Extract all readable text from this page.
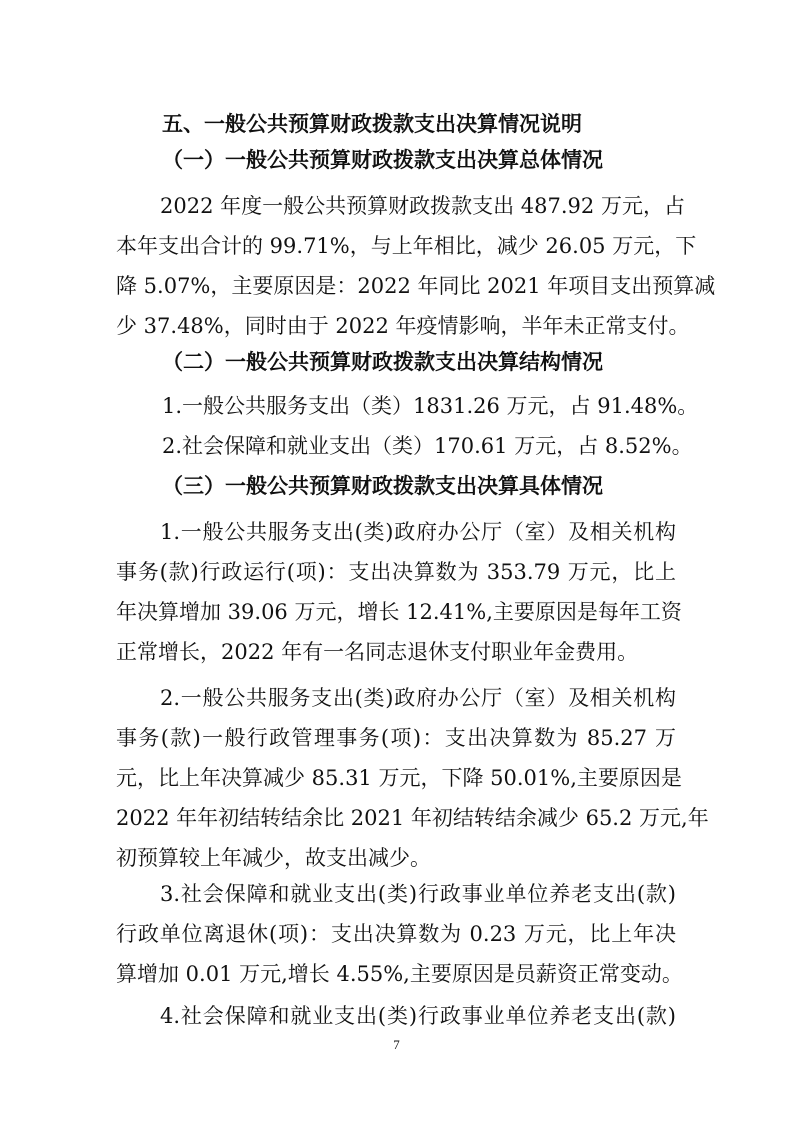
五、一般公共预算财政拨款支出决算情况说明
（一）一般公共预算财政拨款支出决算总体情况
2022 年度一般公共预算财政拨款支出 487.92 万元，占
本年支出合计的 99.71%，与上年相比，减少 26.05 万元，下
降 5.07%，主要原因是：2022 年同比 2021 年项目支出预算减
少 37.48%，同时由于 2022 年疫情影响，半年未正常支付。
（二）一般公共预算财政拨款支出决算结构情况
1.一般公共服务支出（类）1831.26 万元，占 91.48%。
2.社会保障和就业支出（类）170.61 万元，占 8.52%。
（三）一般公共预算财政拨款支出决算具体情况
1.一般公共服务支出(类)政府办公厅（室）及相关机构
事务(款)行政运行(项)：支出决算数为 353.79 万元，比上
年决算增加 39.06 万元，增长 12.41%,主要原因是每年工资
正常增长，2022 年有一名同志退休支付职业年金费用。
2.一般公共服务支出(类)政府办公厅（室）及相关机构
事务(款)一般行政管理事务(项)：支出决算数为 85.27 万
元，比上年决算减少 85.31 万元，下降 50.01%,主要原因是
2022 年年初结转结余比 2021 年初结转结余减少 65.2 万元,年
初预算较上年减少，故支出减少。
3.社会保障和就业支出(类)行政事业单位养老支出(款)
行政单位离退休(项)：支出决算数为 0.23 万元，比上年决
算增加 0.01 万元,增长 4.55%,主要原因是员薪资正常变动。
4.社会保障和就业支出(类)行政事业单位养老支出(款)
7
